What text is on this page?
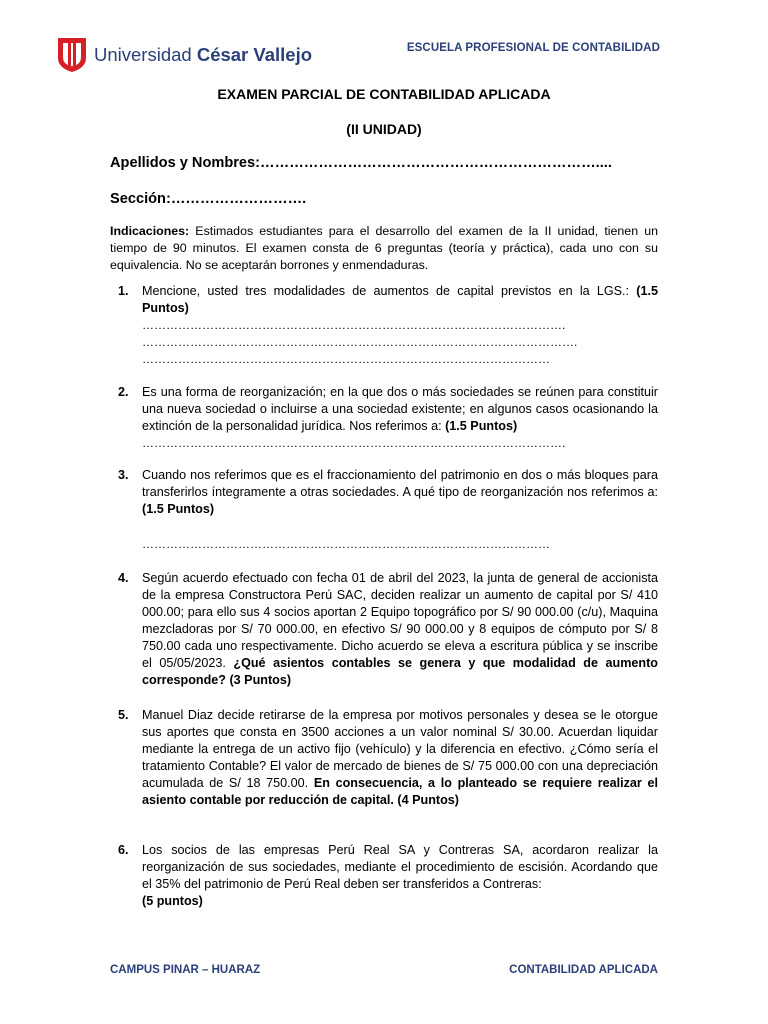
Universidad César Vallejo	ESCUELA PROFESIONAL DE CONTABILIDAD
EXAMEN PARCIAL DE CONTABILIDAD APLICADA
(II UNIDAD)
Apellidos y Nombres:……………………………………………………………....
Sección:……………………….
Indicaciones: Estimados estudiantes para el desarrollo del examen de la II unidad, tienen un tiempo de 90 minutos. El examen consta de 6 preguntas (teoría y práctica), cada uno con su equivalencia. No se aceptarán borrones y enmendaduras.
1. Mencione, usted tres modalidades de aumentos de capital previstos en la LGS.: (1.5 Puntos)
…………………………………………………………………………………………….
……………………………………………………………………………………………….
…………………………………………………………………………………………
2. Es una forma de reorganización; en la que dos o más sociedades se reúnen para constituir una nueva sociedad o incluirse a una sociedad existente; en algunos casos ocasionando la extinción de la personalidad jurídica. Nos referimos a: (1.5 Puntos)
…………………………………………………………………………………………….
3. Cuando nos referimos que es el fraccionamiento del patrimonio en dos o más bloques para transferirlos íntegramente a otras sociedades. A qué tipo de reorganización nos referimos a: (1.5 Puntos)
…………………………………………………………………………………………
4. Según acuerdo efectuado con fecha 01 de abril del 2023, la junta de general de accionista de la empresa Constructora Perú SAC, deciden realizar un aumento de capital por S/ 410 000.00; para ello sus 4 socios aportan 2 Equipo topográfico por S/ 90 000.00 (c/u), Maquina mezcladoras por S/ 70 000.00, en efectivo S/ 90 000.00 y 8 equipos de cómputo por S/ 8 750.00 cada uno respectivamente. Dicho acuerdo se eleva a escritura pública y se inscribe el 05/05/2023. ¿Qué asientos contables se genera y que modalidad de aumento corresponde? (3 Puntos)
5. Manuel Diaz decide retirarse de la empresa por motivos personales y desea se le otorgue sus aportes que consta en 3500 acciones a un valor nominal S/ 30.00. Acuerdan liquidar mediante la entrega de un activo fijo (vehículo) y la diferencia en efectivo. ¿Cómo sería el tratamiento Contable? El valor de mercado de bienes de S/ 75 000.00 con una depreciación acumulada de S/ 18 750.00. En consecuencia, a lo planteado se requiere realizar el asiento contable por reducción de capital. (4 Puntos)
6. Los socios de las empresas Perú Real SA y Contreras SA, acordaron realizar la reorganización de sus sociedades, mediante el procedimiento de escisión. Acordando que el 35% del patrimonio de Perú Real deben ser transferidos a Contreras:
(5 puntos)
CAMPUS PINAR – HUARAZ	CONTABILIDAD APLICADA
